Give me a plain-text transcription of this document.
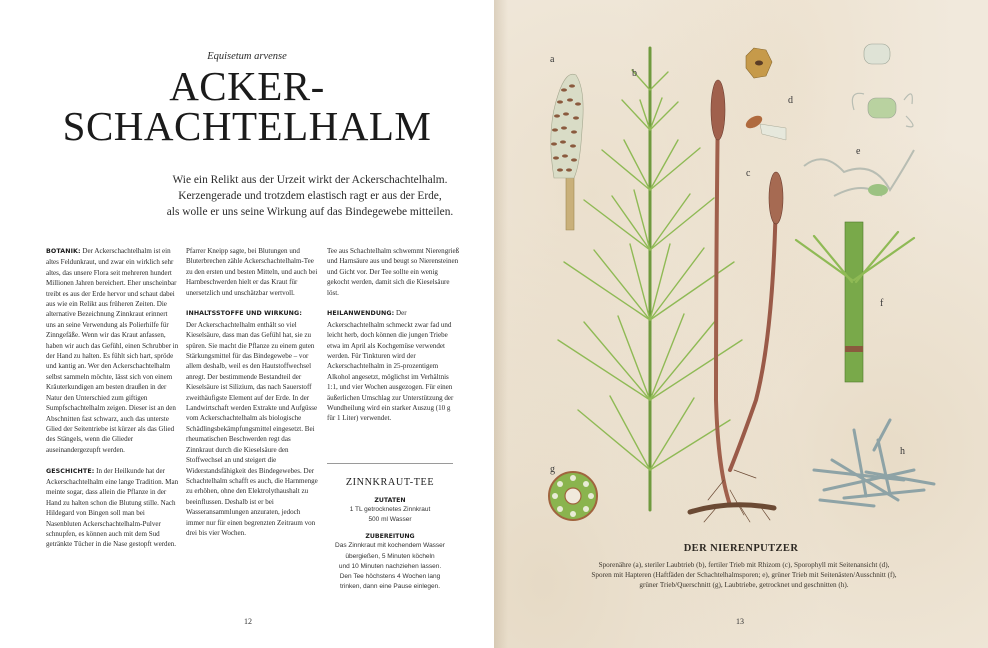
Equisetum arvense
ACKER-
SCHACHTELHALM
Wie ein Relikt aus der Urzeit wirkt der Ackerschachtelhalm.
Kerzengerade und trotzdem elastisch ragt er aus der Erde,
als wolle er uns seine Wirkung auf das Bindegewebe mitteilen.

BOTANIK: Der Ackerschachtelhalm ist ein altes Feldunkraut, und zwar ein wirklich sehr altes, das unsere Flora seit mehreren hundert Millionen Jahren bereichert. Eher unscheinbar treibt es aus der Erde hervor und schaut dabei aus wie ein Relikt aus früheren Zeiten. Die alternative Bezeichnung Zinnkraut erinnert uns an seine Verwendung als Polierhilfe für Zinngefäße. Wenn wir das Kraut anfassen, haben wir auch das Gefühl, einen Schrubber in der Hand zu halten. Es fühlt sich hart, spröde und kantig an. Wer den Ackerschachtelhalm selbst sammeln möchte, lässt sich von einem Kräuterkundigen am besten draußen in der Natur den Unterschied zum giftigen Sumpfschachtelhalm zeigen. Dieser ist an den Abschnitten fast schwarz, auch das unterste Glied der Seitentriebe ist kürzer als das Glied des Stängels, wenn die Glieder auseinandergezupft werden.

GESCHICHTE: In der Heilkunde hat der Ackerschachtelhalm eine lange Tradition. Man meinte sogar, dass allein die Pflanze in der Hand zu halten schon die Blutung stille. Nach Hildegard von Bingen soll man bei Nasenbluten Ackerschachtelhalm-Pulver schnupfen, es können auch mit dem Sud getränkte Tücher in die Nase gestopft werden.

Pfarrer Kneipp sagte, bei Blutungen und Bluterbrechen zähle Ackerschachtelhalm-Tee zu den ersten und besten Mitteln, und auch bei Harnbeschwerden hielt er das Kraut für unersetzlich und unschätzbar wertvoll.

INHALTSSTOFFE UND WIRKUNG:
Der Ackerschachtelhalm enthält so viel Kieselsäure, dass man das Gefühl hat, sie zu spüren. Sie macht die Pflanze zu einem guten Stärkungsmittel für das Bindegewebe – vor allem deshalb, weil es den Hautstoffwechsel anregt. Der bestimmende Bestandteil der Kieselsäure ist Silizium, das nach Sauerstoff zweithäufigste Element auf der Erde. In der Landwirtschaft werden Extrakte und Aufgüsse vom Ackerschachtelhalm als biologische Schädlingsbekämpfungsmittel eingesetzt. Bei rheumatischen Beschwerden regt das Zinnkraut durch die Kieselsäure den Stoffwechsel an und steigert die Widerstandsfähigkeit des Bindegewebes. Der Schachtelhalm schafft es auch, die Harnmenge zu erhöhen, ohne den Elektrolythaushalt zu beeinflussen. Deshalb ist er bei Wasseransammlungen anzuraten, jedoch immer nur für einen begrenzten Zeitraum von drei bis vier Wochen.

Tee aus Schachtelhalm schwemmt Nierengrieß und Harnsäure aus und beugt so Nierensteinen und Gicht vor. Der Tee sollte ein wenig gekocht werden, damit sich die Kieselsäure löst.

HEILANWENDUNG: Der Ackerschachtelhalm schmeckt zwar fad und leicht herb, doch können die jungen Triebe etwa im April als Kochgemüse verwendet werden. Für Tinkturen wird der Ackerschachtelhalm in 25-prozentigem Alkohol angesetzt, möglichst im Verhältnis 1:1, und vier Wochen ausgezogen. Für einen äußerlichen Umschlag zur Unterstützung der Wundheilung wird ein starker Auszug (10 g für 1 Liter) verwendet.

ZINNKRAUT-TEE
ZUTATEN
1 TL getrocknetes Zinnkraut
500 ml Wasser
ZUBEREITUNG
Das Zinnkraut mit kochendem Wasser
übergießen, 5 Minuten köcheln
und 10 Minuten nachziehen lassen.
Den Tee höchstens 4 Wochen lang
trinken, dann eine Pause einlegen.
12
a
b
c
d
e
f
g
h
DER NIERENPUTZER
Sporenähre (a), steriler Laubtrieb (b), fertiler Trieb mit Rhizom (c), Sporophyll mit Seitenansicht (d),
Sporen mit Hapteren (Haftfäden der Schachtelhalmsporen; e), grüner Trieb mit Seitenästen/Ausschnitt (f),
grüner Trieb/Querschnitt (g), Laubtriebe, getrocknet und geschnitten (h).
13
